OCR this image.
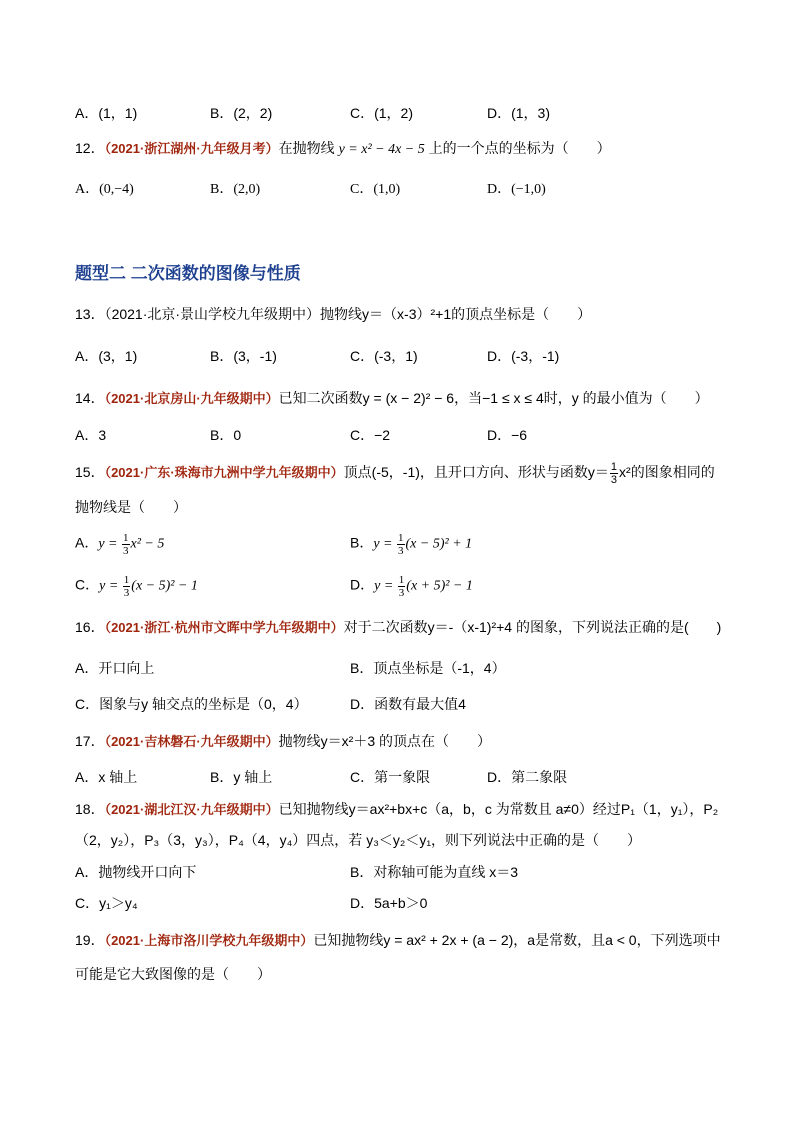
A．(1，1)	B．(2，2)	C．(1，2)	D．(1，3)
12．（2021·浙江湖州·九年级月考）在抛物线 y = x² − 4x − 5 上的一个点的坐标为（　　）
A．(0,−4)	B．(2,0)	C．(1,0)	D．(−1,0)
题型二 二次函数的图像与性质
13．（2021·北京·景山学校九年级期中）抛物线y＝（x-3）²+1的顶点坐标是（　　）
A．(3，1)	B．(3，-1)	C．(-3，1)	D．(-3，-1)
14．（2021·北京房山·九年级期中）已知二次函数y = (x − 2)² − 6，当−1 ≤ x ≤ 4时，y 的最小值为（　　）
A．3	B．0	C．−2	D．−6
15．（2021·广东·珠海市九洲中学九年级期中）顶点(-5，-1)，且开口方向、形状与函数$y= \frac{1}{3} x^2$的图象相同的
抛物线是（　　）
A．$y = \frac{1}{3} x^2 - 5$	B．$y = \frac{1}{3} (x - 5)^2 + 1$
C．$y = \frac{1}{3} (x - 5)^2 - 1$	D．$y = \frac{1}{3} (x + 5)^2 - 1$
16．（2021·浙江·杭州市文晖中学九年级期中）对于二次函数y＝-（x-1)²+4 的图象，下列说法正确的是(　　)
A．开口向上	B．顶点坐标是（-1，4）
C．图象与y 轴交点的坐标是（0，4）	D．函数有最大值4
17．（2021·吉林磐石·九年级期中）抛物线y＝x²＋3 的顶点在（　　）
A．x 轴上	B．y 轴上	C．第一象限	D．第二象限
18．（2021·湖北江汉·九年级期中）已知抛物线y＝ax²+bx+c（a，b，c 为常数且 a≠0）经过P₁（1，y₁），P₂
（2，y₂），P₃（3，y₃），P₄（4，y₄）四点，若 y₃＜y₂＜y₁，则下列说法中正确的是（　　）
A．抛物线开口向下	B．对称轴可能为直线 x＝3
C．y₁＞y₄	D．5a+b＞0
19．（2021·上海市洛川学校九年级期中）已知抛物线y = ax² + 2x + (a − 2)，a是常数，且a < 0，下列选项中
可能是它大致图像的是（　　）
